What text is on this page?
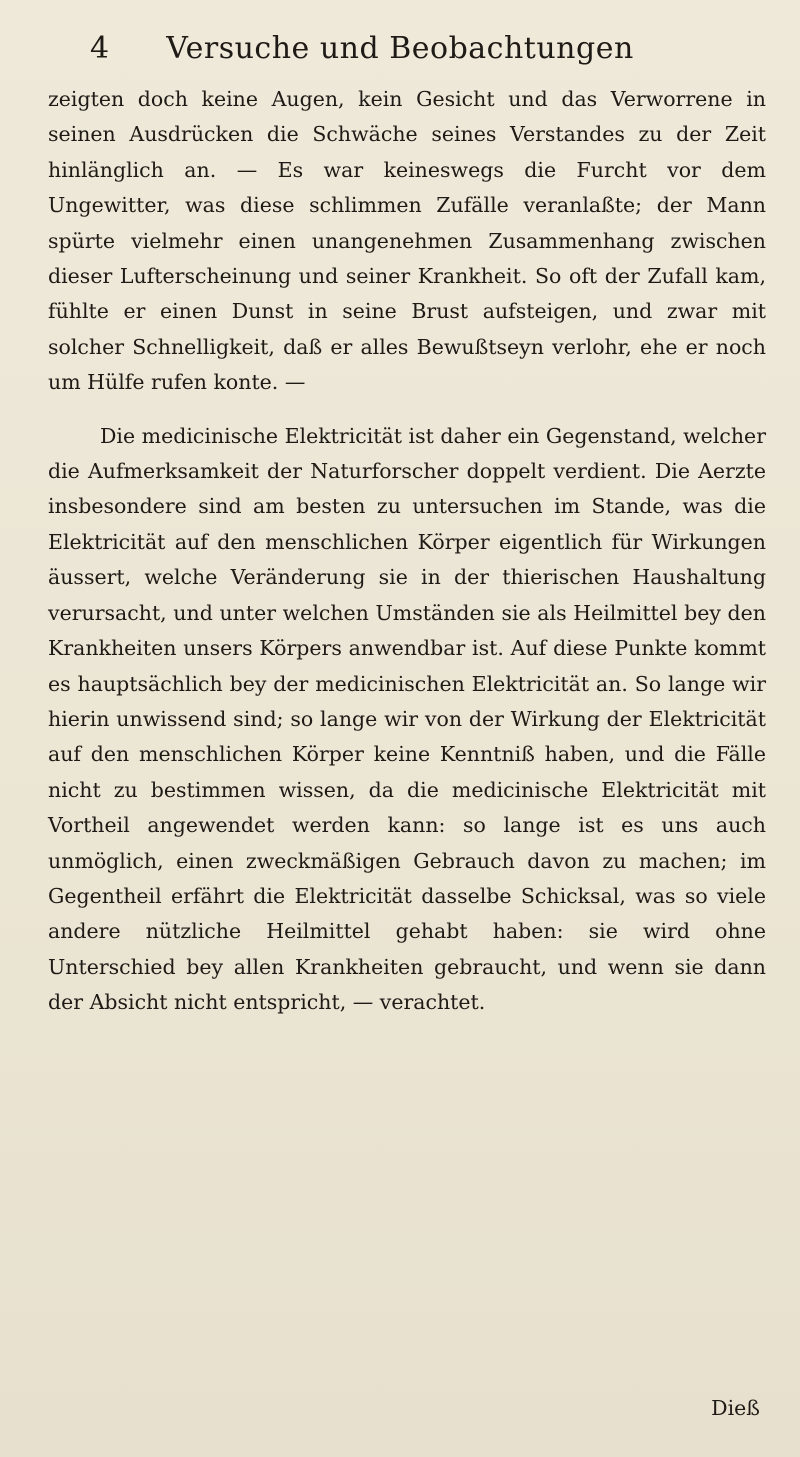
4	Versuche und Beobachtungen

zeigten doch keine Augen, kein Gesicht und das Verworrene in seinen Ausdrücken die Schwäche seines Verstandes zu der Zeit hinlänglich an. — Es war keineswegs die Furcht vor dem Ungewitter, was diese schlimmen Zufälle veranlaßte; der Mann spürte vielmehr einen unangenehmen Zusammenhang zwischen dieser Lufterscheinung und seiner Krankheit. So oft der Zufall kam, fühlte er einen Dunst in seine Brust aufsteigen, und zwar mit solcher Schnelligkeit, daß er alles Bewußtseyn verlohr, ehe er noch um Hülfe rufen konte. —

Die medicinische Elektricität ist daher ein Gegenstand, welcher die Aufmerksamkeit der Naturforscher doppelt verdient. Die Aerzte insbesondere sind am besten zu untersuchen im Stande, was die Elektricität auf den menschlichen Körper eigentlich für Wirkungen äussert, welche Veränderung sie in der thierischen Haushaltung verursacht, und unter welchen Umständen sie als Heilmittel bey den Krankheiten unsers Körpers anwendbar ist. Auf diese Punkte kommt es hauptsächlich bey der medicinischen Elektricität an. So lange wir hierin unwissend sind; so lange wir von der Wirkung der Elektricität auf den menschlichen Körper keine Kenntniß haben, und die Fälle nicht zu bestimmen wissen, da die medicinische Elektricität mit Vortheil angewendet werden kann: so lange ist es uns auch unmöglich, einen zweckmäßigen Gebrauch davon zu machen; im Gegentheil erfährt die Elektricität dasselbe Schicksal, was so viele andere nützliche Heilmittel gehabt haben: sie wird ohne Unterschied bey allen Krankheiten gebraucht, und wenn sie dann der Absicht nicht entspricht, — verachtet.

Dieß
